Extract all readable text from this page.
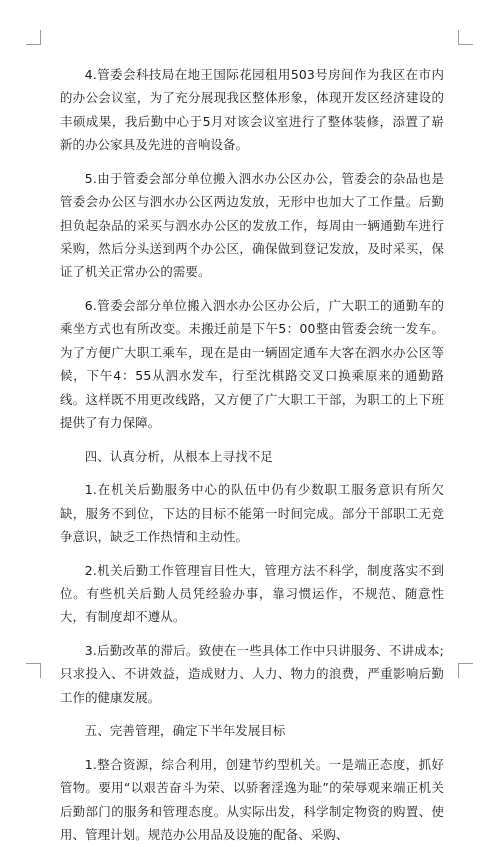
4.管委会科技局在地王国际花园租用503号房间作为我区在市内的办公会议室，为了充分展现我区整体形象，体现开发区经济建设的丰硕成果，我后勤中心于5月对该会议室进行了整体装修，添置了崭新的办公家具及先进的音响设备。

5.由于管委会部分单位搬入泗水办公区办公，管委会的杂品也是管委会办公区与泗水办公区两边发放，无形中也加大了工作量。后勤担负起杂品的采买与泗水办公区的发放工作，每周由一辆通勤车进行采购，然后分头送到两个办公区，确保做到登记发放，及时采买，保证了机关正常办公的需要。

6.管委会部分单位搬入泗水办公区办公后，广大职工的通勤车的乘坐方式也有所改变。未搬迁前是下午5：00整由管委会统一发车。为了方便广大职工乘车，现在是由一辆固定通车大客在泗水办公区等候，下午4：55从泗水发车，行至沈棋路交叉口换乘原来的通勤路线。这样既不用更改线路，又方便了广大职工干部，为职工的上下班提供了有力保障。

四、认真分析，从根本上寻找不足

1.在机关后勤服务中心的队伍中仍有少数职工服务意识有所欠缺，服务不到位，下达的目标不能第一时间完成。部分干部职工无竞争意识，缺乏工作热情和主动性。

2.机关后勤工作管理盲目性大，管理方法不科学，制度落实不到位。有些机关后勤人员凭经验办事，靠习惯运作，不规范、随意性大，有制度却不遵从。

3.后勤改革的滞后。致使在一些具体工作中只讲服务、不讲成本;只求投入、不讲效益，造成财力、人力、物力的浪费，严重影响后勤工作的健康发展。

五、完善管理，确定下半年发展目标

1.整合资源，综合利用，创建节约型机关。一是端正态度，抓好管物。要用“以艰苦奋斗为荣、以骄奢淫逸为耻”的荣辱观来端正机关后勤部门的服务和管理态度。从实际出发，科学制定物资的购置、使用、管理计划。规范办公用品及设施的配备、采购、
